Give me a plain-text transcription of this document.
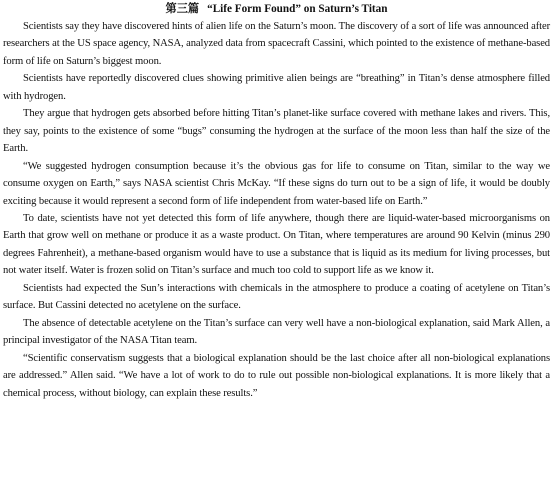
第三篇 “Life Form Found” on Saturn’s Titan

Scientists say they have discovered hints of alien life on the Saturn’s moon. The discovery of a sort of life was announced after researchers at the US space agency, NASA, analyzed data from spacecraft Cassini, which pointed to the existence of methane-based form of life on Saturn’s biggest moon.

Scientists have reportedly discovered clues showing primitive alien beings are “breathing” in Titan’s dense atmosphere filled with hydrogen.

They argue that hydrogen gets absorbed before hitting Titan’s planet-like surface covered with methane lakes and rivers. This, they say, points to the existence of some “bugs” consuming the hydrogen at the surface of the moon less than half the size of the Earth.

“We suggested hydrogen consumption because it’s the obvious gas for life to consume on Titan, similar to the way we consume oxygen on Earth,” says NASA scientist Chris McKay. “If these signs do turn out to be a sign of life, it would be doubly exciting because it would represent a second form of life independent from water-based life on Earth.”

To date, scientists have not yet detected this form of life anywhere, though there are liquid-water-based microorganisms on Earth that grow well on methane or produce it as a waste product. On Titan, where temperatures are around 90 Kelvin (minus 290 degrees Fahrenheit), a methane-based organism would have to use a substance that is liquid as its medium for living processes, but not water itself. Water is frozen solid on Titan’s surface and much too cold to support life as we know it.

Scientists had expected the Sun’s interactions with chemicals in the atmosphere to produce a coating of acetylene on Titan’s surface. But Cassini detected no acetylene on the surface.

The absence of detectable acetylene on the Titan’s surface can very well have a non-biological explanation, said Mark Allen, a principal investigator of the NASA Titan team.

“Scientific conservatism suggests that a biological explanation should be the last choice after all non-biological explanations are addressed.” Allen said. “We have a lot of work to do to rule out possible non-biological explanations. It is more likely that a chemical process, without biology, can explain these results.”
